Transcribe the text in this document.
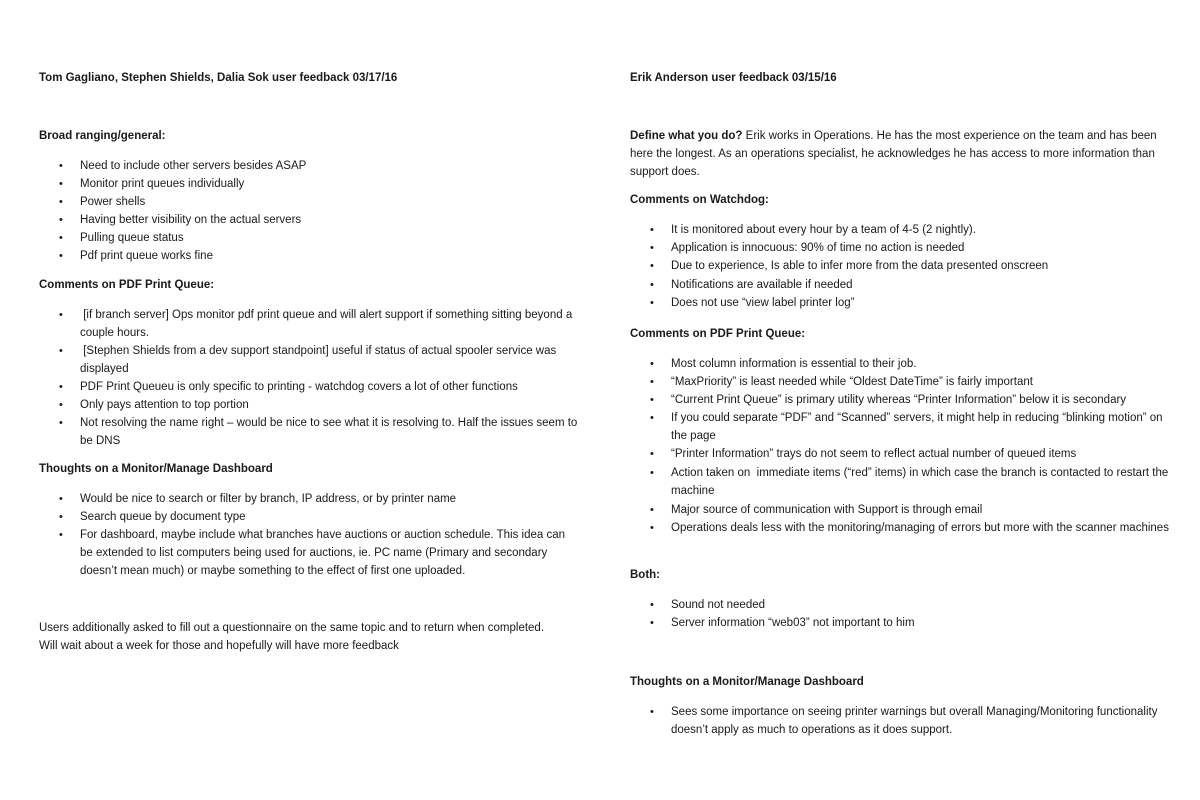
Tom Gagliano, Stephen Shields, Dalia Sok user feedback 03/17/16
Broad ranging/general:
• Need to include other servers besides ASAP
• Monitor print queues individually
• Power shells
• Having better visibility on the actual servers
• Pulling queue status
• Pdf print queue works fine
Comments on PDF Print Queue:
• [if branch server] Ops monitor pdf print queue and will alert support if something sitting beyond a couple hours.
• [Stephen Shields from a dev support standpoint] useful if status of actual spooler service was displayed
• PDF Print Queueu is only specific to printing - watchdog covers a lot of other functions
• Only pays attention to top portion
• Not resolving the name right – would be nice to see what it is resolving to. Half the issues seem to be DNS
Thoughts on a Monitor/Manage Dashboard
• Would be nice to search or filter by branch, IP address, or by printer name
• Search queue by document type
• For dashboard, maybe include what branches have auctions or auction schedule. This idea can be extended to list computers being used for auctions, ie. PC name (Primary and secondary doesn’t mean much) or maybe something to the effect of first one uploaded.
Users additionally asked to fill out a questionnaire on the same topic and to return when completed.
Will wait about a week for those and hopefully will have more feedback
Erik Anderson user feedback 03/15/16
Define what you do? Erik works in Operations. He has the most experience on the team and has been here the longest. As an operations specialist, he acknowledges he has access to more information than support does.
Comments on Watchdog:
• It is monitored about every hour by a team of 4-5 (2 nightly).
• Application is innocuous: 90% of time no action is needed
• Due to experience, Is able to infer more from the data presented onscreen
• Notifications are available if needed
• Does not use “view label printer log”
Comments on PDF Print Queue:
• Most column information is essential to their job.
• “MaxPriority” is least needed while “Oldest DateTime” is fairly important
• “Current Print Queue” is primary utility whereas “Printer Information” below it is secondary
• If you could separate “PDF” and “Scanned” servers, it might help in reducing “blinking motion” on the page
• “Printer Information” trays do not seem to reflect actual number of queued items
• Action taken on  immediate items (“red” items) in which case the branch is contacted to restart the machine
• Major source of communication with Support is through email
• Operations deals less with the monitoring/managing of errors but more with the scanner machines
Both:
• Sound not needed
• Server information “web03” not important to him
Thoughts on a Monitor/Manage Dashboard
• Sees some importance on seeing printer warnings but overall Managing/Monitoring functionality doesn’t apply as much to operations as it does support.
